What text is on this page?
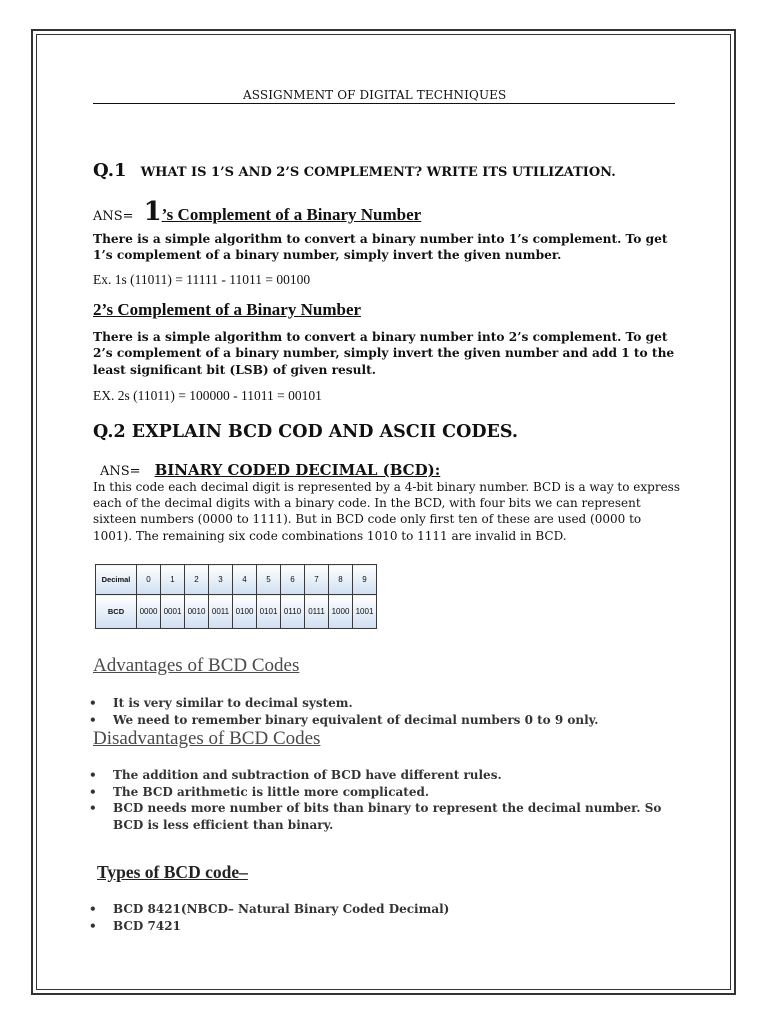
ASSIGNMENT OF DIGITAL TECHNIQUES
Q.1 WHAT IS 1’S AND 2’S COMPLEMENT? WRITE ITS UTILIZATION.
ANS= 1’s Complement of a Binary Number
There is a simple algorithm to convert a binary number into 1’s complement. To get 1’s complement of a binary number, simply invert the given number.
Ex. 1s (11011) = 11111 - 11011 = 00100
2’s Complement of a Binary Number
There is a simple algorithm to convert a binary number into 2’s complement. To get 2’s complement of a binary number, simply invert the given number and add 1 to the least significant bit (LSB) of given result.
EX. 2s (11011) = 100000 - 11011 = 00101
Q.2 EXPLAIN BCD COD AND ASCII CODES.
ANS= BINARY CODED DECIMAL (BCD):
In this code each decimal digit is represented by a 4-bit binary number. BCD is a way to express each of the decimal digits with a binary code. In the BCD, with four bits we can represent sixteen numbers (0000 to 1111). But in BCD code only first ten of these are used (0000 to 1001). The remaining six code combinations 1010 to 1111 are invalid in BCD.
Decimal	0	1	2	3	4	5	6	7	8	9
BCD	0000	0001	0010	0011	0100	0101	0110	0111	1000	1001
Advantages of BCD Codes
• It is very similar to decimal system.
• We need to remember binary equivalent of decimal numbers 0 to 9 only.
Disadvantages of BCD Codes
• The addition and subtraction of BCD have different rules.
• The BCD arithmetic is little more complicated.
• BCD needs more number of bits than binary to represent the decimal number. So BCD is less efficient than binary.
Types of BCD code–
• BCD 8421(NBCD– Natural Binary Coded Decimal)
• BCD 7421
